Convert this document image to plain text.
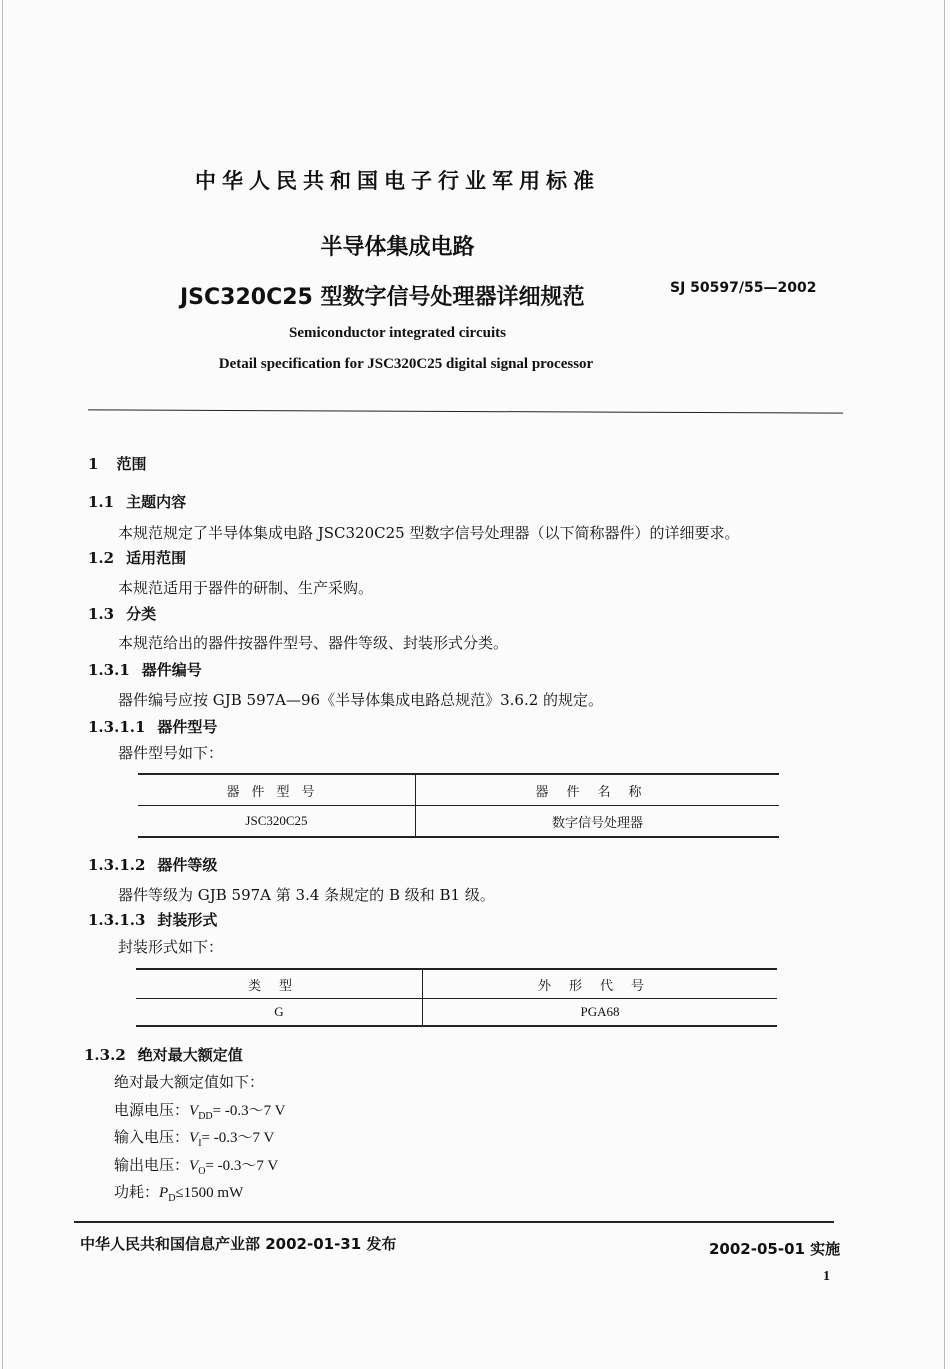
中华人民共和国电子行业军用标准

半导体集成电路

JSC320C25 型数字信号处理器详细规范	SJ 50597/55—2002

Semiconductor integrated circuits

Detail specification for JSC320C25 digital signal processor

1 范围

1.1 主题内容

本规范规定了半导体集成电路 JSC320C25 型数字信号处理器（以下简称器件）的详细要求。

1.2 适用范围

本规范适用于器件的研制、生产采购。

1.3 分类

本规范给出的器件按器件型号、器件等级、封装形式分类。

1.3.1 器件编号

器件编号应按 GJB 597A—96《半导体集成电路总规范》3.6.2 的规定。

1.3.1.1 器件型号

器件型号如下：

器件型号	器件名称
JSC320C25	数字信号处理器

1.3.1.2 器件等级

器件等级为 GJB 597A 第 3.4 条规定的 B 级和 B1 级。

1.3.1.3 封装形式

封装形式如下：

类型	外形代号
G	PGA68

1.3.2 绝对最大额定值

绝对最大额定值如下：

电源电压：$V_{DD}=$ -0.3～7 V

输入电压：$V_I=$ -0.3～7 V

输出电压：$V_O=$ -0.3～7 V

功耗：$P_D\le 1500$ mW

中华人民共和国信息产业部 2002-01-31 发布	2002-05-01 实施

1
